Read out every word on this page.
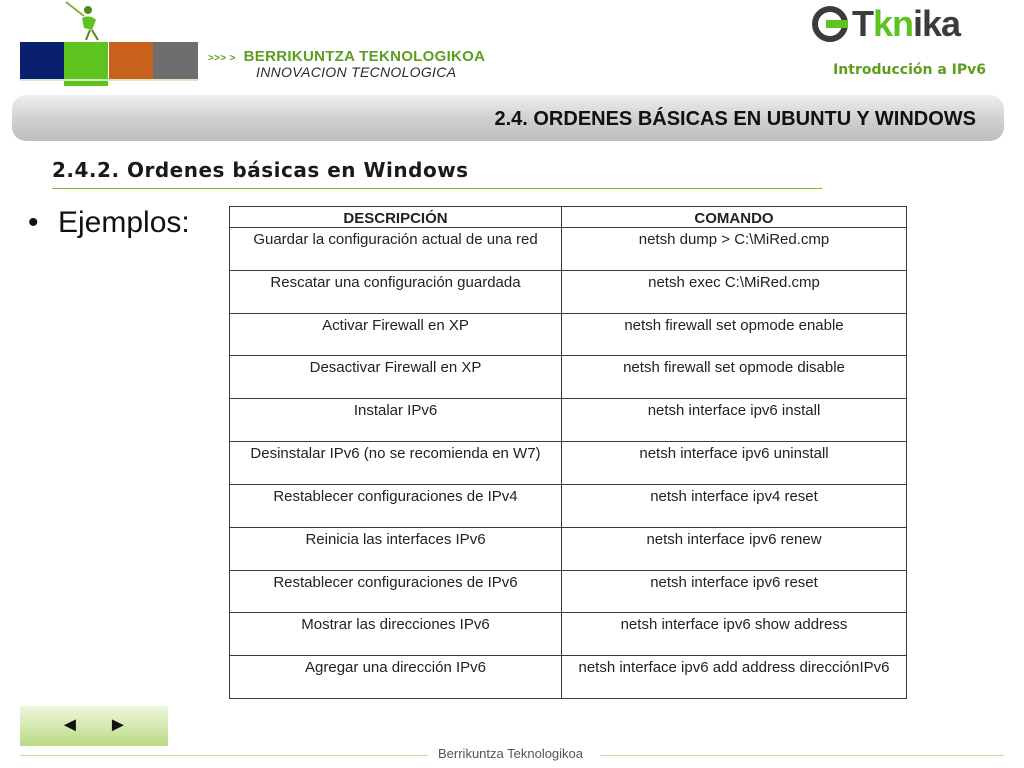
>>> > BERRIKUNTZA TEKNOLOGIKOA
INNOVACION TECNOLOGICA
Tknika
Introducción a IPv6
2.4. ORDENES BÁSICAS EN UBUNTU Y WINDOWS
2.4.2. Ordenes básicas en Windows
• Ejemplos:	DESCRIPCIÓN	COMANDO
Guardar la configuración actual de una red	netsh dump > C:\MiRed.cmp
Rescatar una configuración guardada	netsh exec C:\MiRed.cmp
Activar Firewall en XP	netsh firewall set opmode enable
Desactivar Firewall en XP	netsh firewall set opmode disable
Instalar IPv6	netsh interface ipv6 install
Desinstalar IPv6 (no se recomienda en W7)	netsh interface ipv6 uninstall
Restablecer configuraciones de IPv4	netsh interface ipv4 reset
Reinicia las interfaces IPv6	netsh interface ipv6 renew
Restablecer configuraciones de IPv6	netsh interface ipv6 reset
Mostrar las direcciones IPv6	netsh interface ipv6 show address
Agregar una dirección IPv6	netsh interface ipv6 add address direcciónIPv6
◄ ►
Berrikuntza Teknologikoa
